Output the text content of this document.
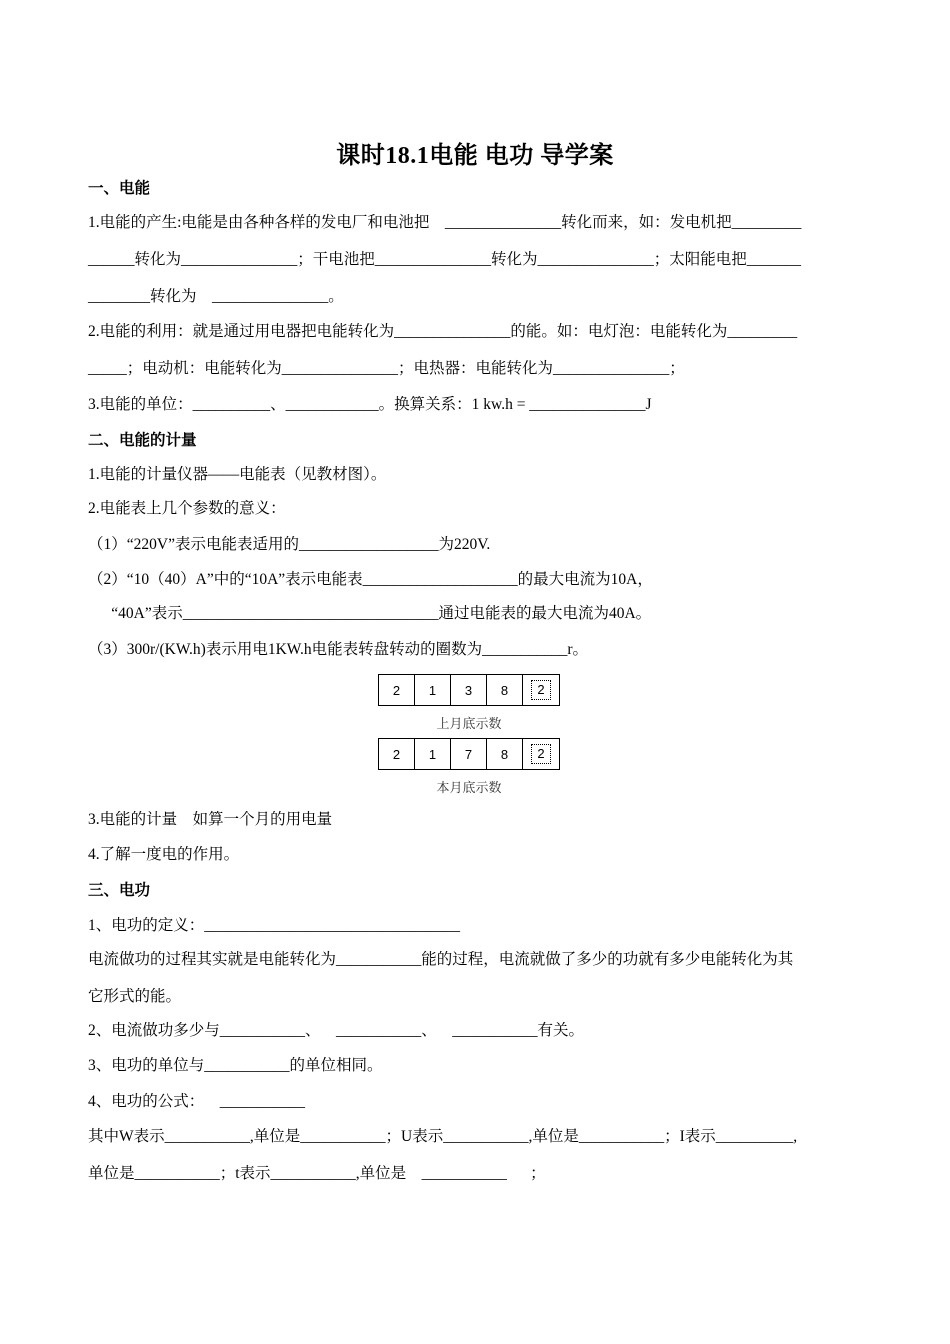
课时18.1电能 电功 导学案
一、电能
1.电能的产生:电能是由各种各样的发电厂和电池把    _______________转化而来，如：发电机把_________
______转化为_______________；干电池把_______________转化为_______________；太阳能电把_______
________转化为    _______________。
2.电能的利用：就是通过用电器把电能转化为_______________的能。如：电灯泡：电能转化为_________
_____；电动机：电能转化为_______________；电热器：电能转化为_______________；
3.电能的单位：__________、____________。换算关系：1 kw.h = _______________J
二、电能的计量
1.电能的计量仪器——电能表（见教材图）。
2.电能表上几个参数的意义：
（1）“220V”表示电能表适用的__________________为220V.
（2）“10（40）A”中的“10A”表示电能表____________________的最大电流为10A，
“40A”表示_________________________________通过电能表的最大电流为40A。
（3）300r/(KW.h)表示用电1KW.h电能表转盘转动的圈数为___________r。
2	1	3	8	2
上月底示数
2	1	7	8	2
本月底示数
3.电能的计量    如算一个月的用电量
4.了解一度电的作用。
三、电功
1、电功的定义：_________________________________
电流做功的过程其实就是电能转化为___________能的过程，电流就做了多少的功就有多少电能转化为其
它形式的能。
2、电流做功多少与___________、    ___________、    ___________有关。
3、电功的单位与___________的单位相同。
4、电功的公式：    ___________
其中W表示___________,单位是___________；U表示___________,单位是___________；I表示__________,
单位是___________；t表示___________,单位是    ___________      ；
